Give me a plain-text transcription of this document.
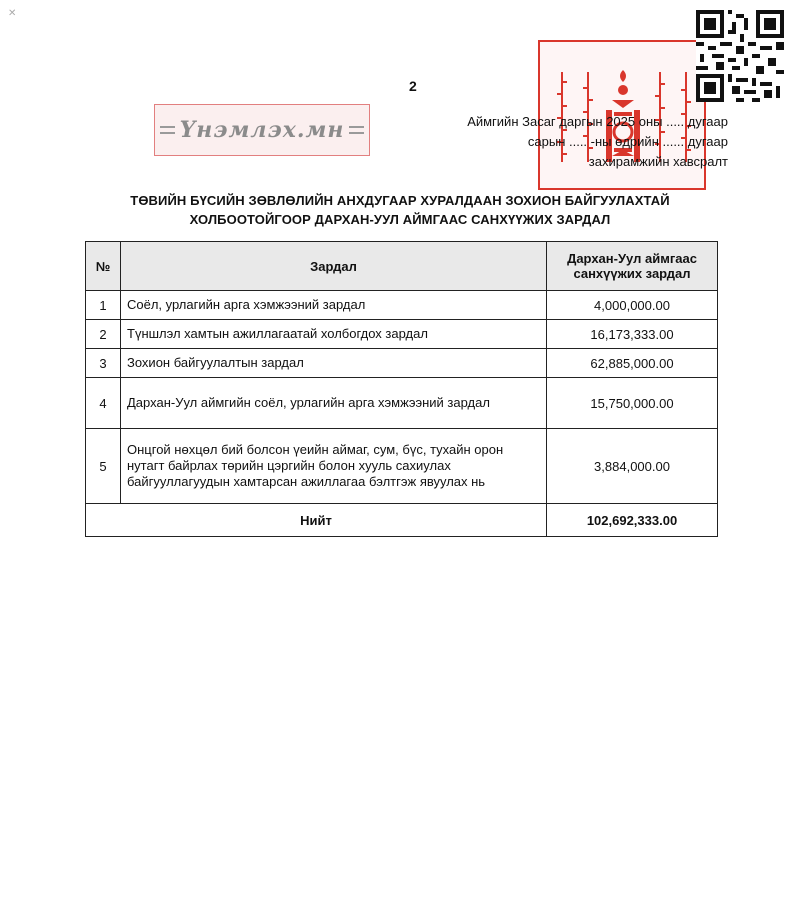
✕
2
Үнэмлэх.мн	Аймгийн Засаг даргын 2025 оны ..... дугаар
сарын ..... -ны өдрийн ...... дугаар
захирамжийн хавсралт
ТӨВИЙН БҮСИЙН ЗӨВЛӨЛИЙН АНХДУГААР ХУРАЛДААН ЗОХИОН БАЙГУУЛАХТАЙ
ХОЛБООТОЙГООР ДАРХАН-УУЛ АЙМГААС САНХҮҮЖИХ ЗАРДАЛ
№	Зардал	Дархан-Уул аймгаас санхүүжих зардал
1	Соёл, урлагийн арга хэмжээний зардал	4,000,000.00
2	Түншлэл хамтын ажиллагаатай холбогдох зардал	16,173,333.00
3	Зохион байгуулалтын зардал	62,885,000.00
4	Дархан-Уул аймгийн соёл, урлагийн арга хэмжээний зардал	15,750,000.00
5	Онцгой нөхцөл бий болсон үеийн аймаг, сум, бүс, тухайн орон нутагт байрлах төрийн цэргийн болон хууль сахиулах байгууллагуудын хамтарсан ажиллагаа бэлтгэж явуулах нь	3,884,000.00
Нийт		102,692,333.00
